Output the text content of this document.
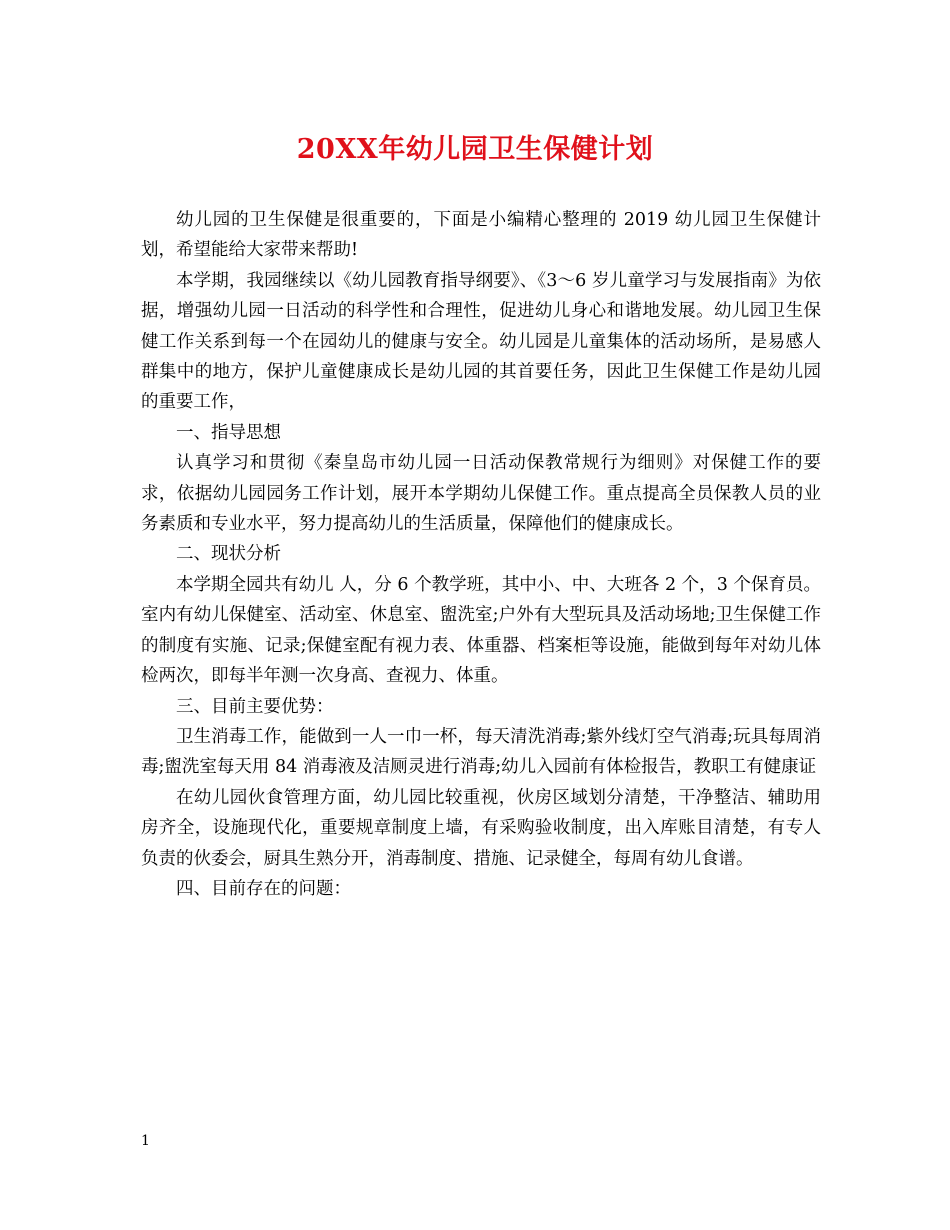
20XX年幼儿园卫生保健计划

幼儿园的卫生保健是很重要的，下面是小编精心整理的 2019 幼儿园卫生保健计划，希望能给大家带来帮助!

本学期，我园继续以《幼儿园教育指导纲要》、《3～6 岁儿童学习与发展指南》为依据，增强幼儿园一日活动的科学性和合理性，促进幼儿身心和谐地发展。幼儿园卫生保健工作关系到每一个在园幼儿的健康与安全。幼儿园是儿童集体的活动场所，是易感人群集中的地方，保护儿童健康成长是幼儿园的其首要任务，因此卫生保健工作是幼儿园的重要工作，

一、指导思想

认真学习和贯彻《秦皇岛市幼儿园一日活动保教常规行为细则》对保健工作的要求，依据幼儿园园务工作计划，展开本学期幼儿保健工作。重点提高全员保教人员的业务素质和专业水平，努力提高幼儿的生活质量，保障他们的健康成长。

二、现状分析

本学期全园共有幼儿 人，分 6 个教学班，其中小、中、大班各 2 个，3 个保育员。室内有幼儿保健室、活动室、休息室、盥洗室;户外有大型玩具及活动场地;卫生保健工作的制度有实施、记录;保健室配有视力表、体重器、档案柜等设施，能做到每年对幼儿体检两次，即每半年测一次身高、查视力、体重。

三、目前主要优势：

卫生消毒工作，能做到一人一巾一杯，每天清洗消毒;紫外线灯空气消毒;玩具每周消毒;盥洗室每天用 84 消毒液及洁厕灵进行消毒;幼儿入园前有体检报告，教职工有健康证

在幼儿园伙食管理方面，幼儿园比较重视，伙房区域划分清楚，干净整洁、辅助用房齐全，设施现代化，重要规章制度上墙，有采购验收制度，出入库账目清楚，有专人负责的伙委会，厨具生熟分开，消毒制度、措施、记录健全，每周有幼儿食谱。

四、目前存在的问题：

1
